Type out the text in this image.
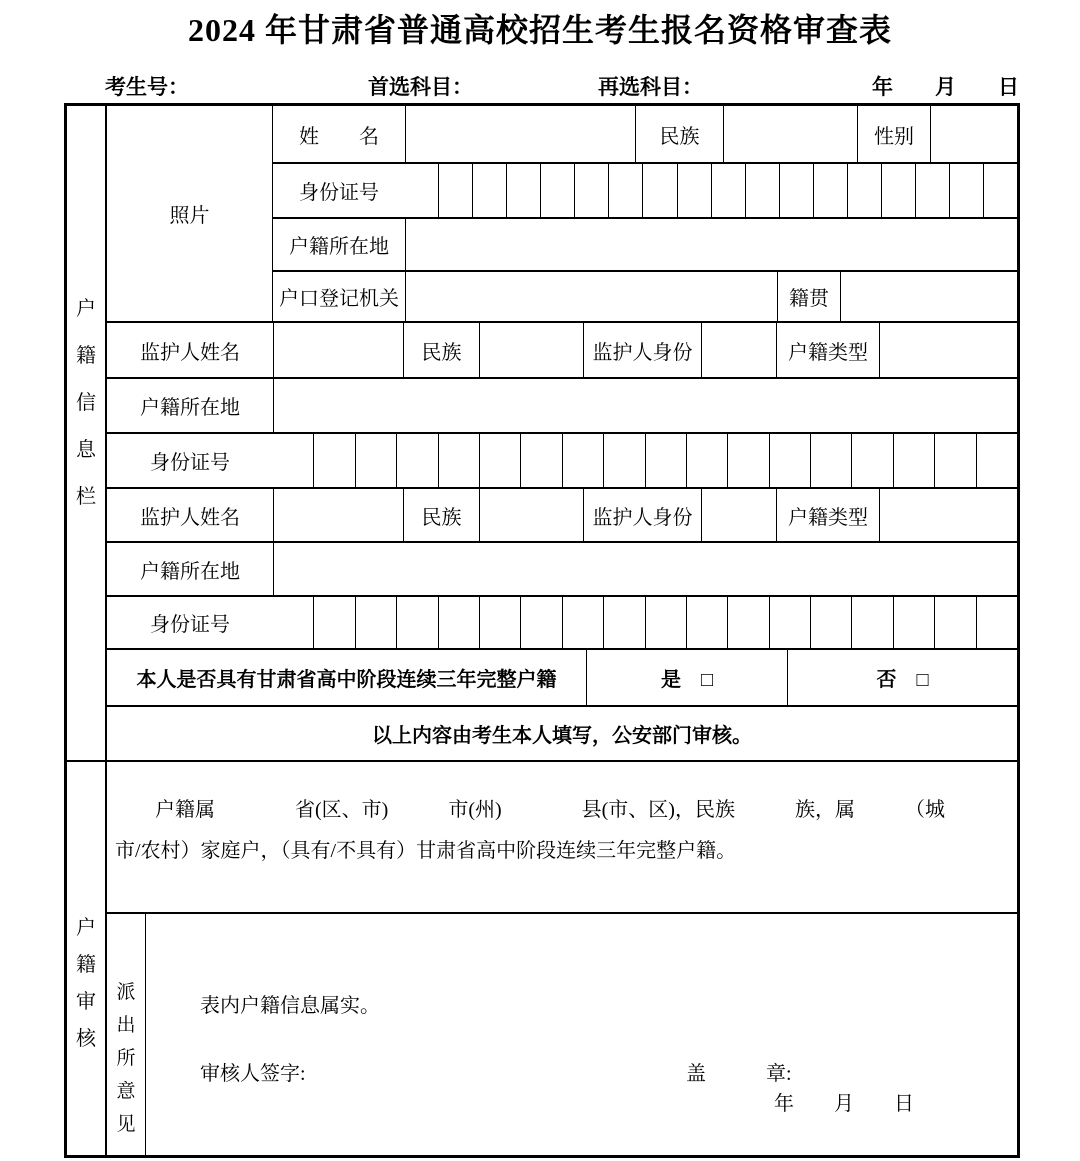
2024 年甘肃省普通高校招生考生报名资格审查表
考生号：	首选科目：	再选科目：	年　　月　　日
户籍信息栏
照片
姓　　名	民族	性别
身份证号
户籍所在地
户口登记机关	籍贯
监护人姓名	民族	监护人身份	户籍类型
户籍所在地
身份证号
监护人姓名	民族	监护人身份	户籍类型
户籍所在地
身份证号
本人是否具有甘肃省高中阶段连续三年完整户籍	是　□	否　□
以上内容由考生本人填写，公安部门审核。
户籍审核
户籍属　　　　省(区、市)　　　市(州)　　　　县(市、区)，民族　　　族，属　　　（城
市/农村）家庭户，（具有/不具有）甘肃省高中阶段连续三年完整户籍。
派出所意见
表内户籍信息属实。
审核人签字:	盖　　　章:
年　　月　　日
